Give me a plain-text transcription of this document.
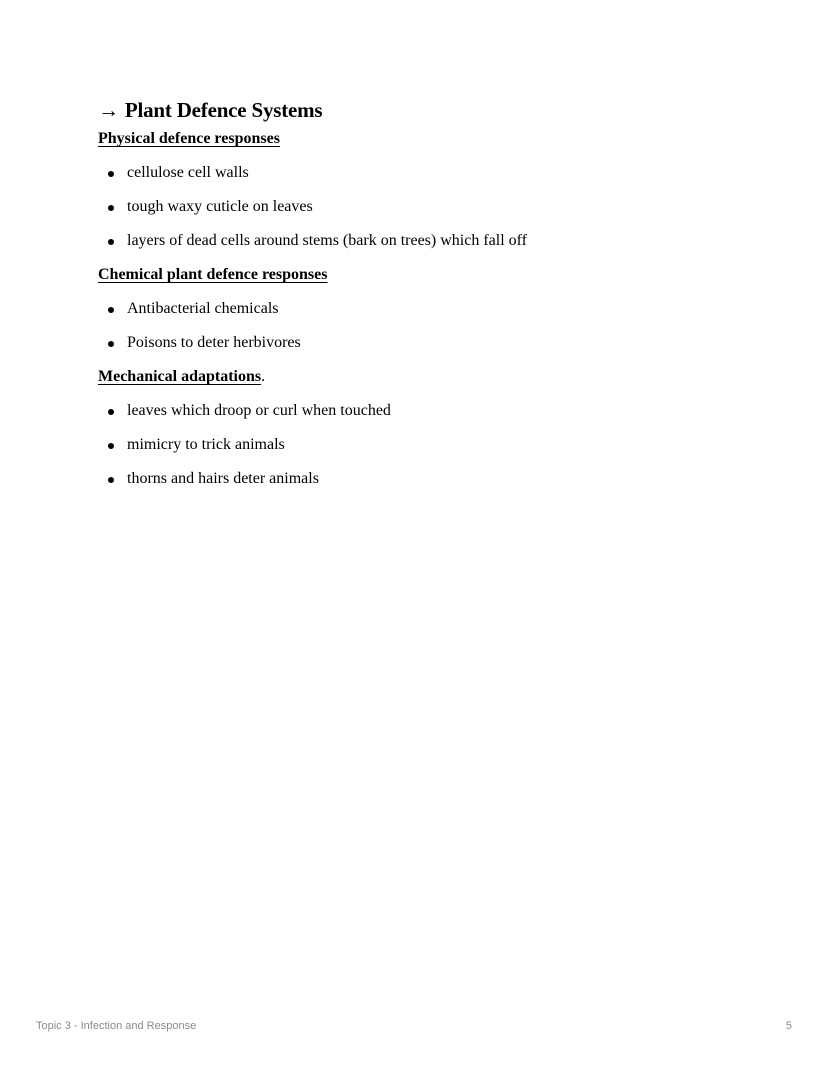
→ Plant Defence Systems

Physical defence responses

cellulose cell walls
tough waxy cuticle on leaves
layers of dead cells around stems (bark on trees) which fall off

Chemical plant defence responses

Antibacterial chemicals
Poisons to deter herbivores

Mechanical adaptations.

leaves which droop or curl when touched
mimicry to trick animals
thorns and hairs deter animals
Topic 3 - Infection and Response	5
